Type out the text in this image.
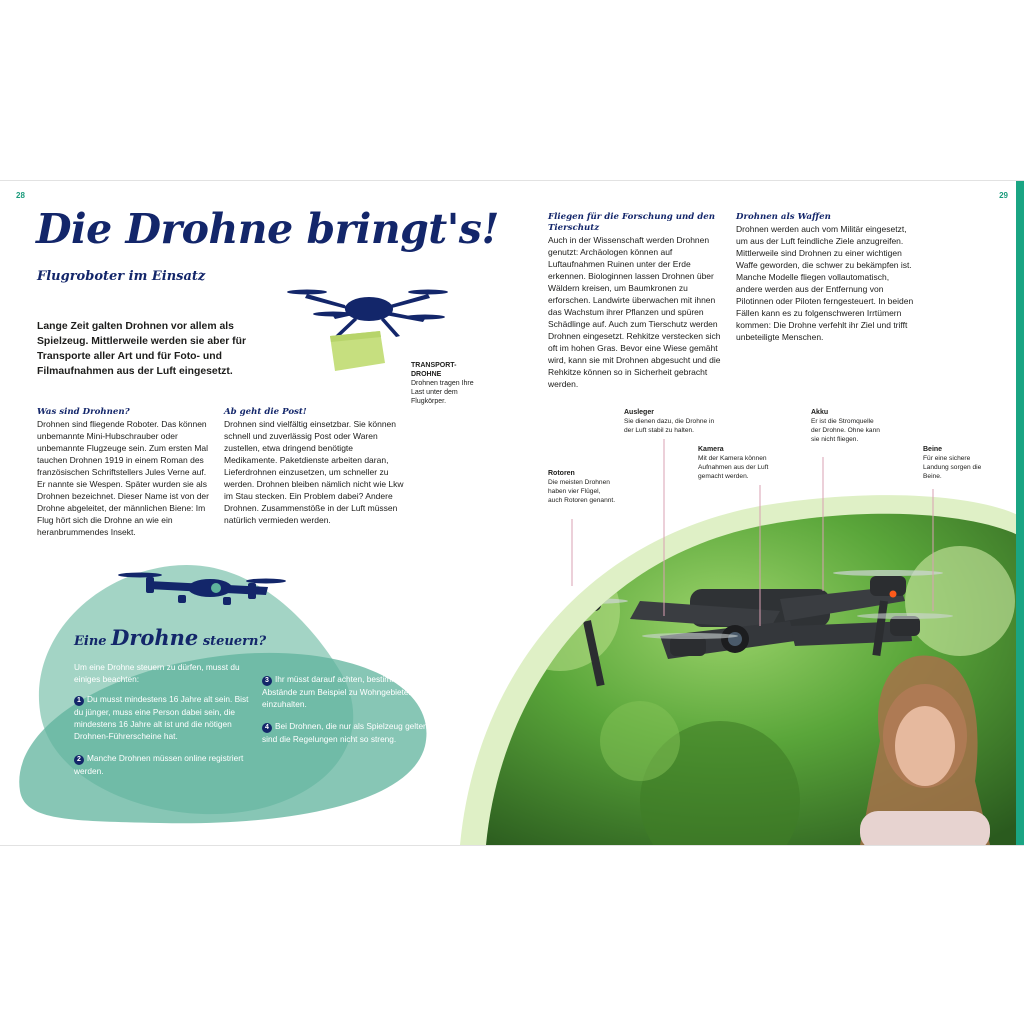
28	29
Die Drohne bringt's!
Flugroboter im Einsatz

Lange Zeit galten Drohnen vor allem als Spielzeug. Mittlerweile werden sie aber für Transporte aller Art und für Foto- und Filmaufnahmen aus der Luft eingesetzt.

TRANSPORT-DROHNE
Drohnen tragen Ihre Last unter dem Flugkörper.
Was sind Drohnen?

Drohnen sind fliegende Roboter. Das können unbemannte Mini-Hubschrauber oder unbemannte Flugzeuge sein. Zum ersten Mal tauchen Drohnen 1919 in einem Roman des französischen Schriftstellers Jules Verne auf. Er nannte sie Wespen. Später wurden sie als Drohnen bezeichnet. Dieser Name ist von der Drohne abgeleitet, der männlichen Biene: Im Flug hört sich die Drohne an wie ein heranbrummendes Insekt.

Ab geht die Post!

Drohnen sind vielfältig einsetzbar. Sie können schnell und zuverlässig Post oder Waren zustellen, etwa dringend benötigte Medikamente. Paketdienste arbeiten daran, Lieferdrohnen einzusetzen, um schneller zu werden. Drohnen bleiben nämlich nicht wie Lkw im Stau stecken. Ein Problem dabei? Andere Drohnen. Zusammenstöße in der Luft müssen natürlich vermieden werden.

Fliegen für die Forschung und den Tierschutz

Auch in der Wissenschaft werden Drohnen genutzt: Archäologen können auf Luftaufnahmen Ruinen unter der Erde erkennen. Biologinnen lassen Drohnen über Wäldern kreisen, um Baumkronen zu erforschen. Landwirte überwachen mit ihnen das Wachstum ihrer Pflanzen und spüren Schädlinge auf. Auch zum Tierschutz werden Drohnen eingesetzt. Rehkitze verstecken sich oft im hohen Gras. Bevor eine Wiese gemäht wird, kann sie mit Drohnen abgesucht und die Rehkitze können so in Sicherheit gebracht werden.

Drohnen als Waffen

Drohnen werden auch vom Militär eingesetzt, um aus der Luft feindliche Ziele anzugreifen. Mittlerweile sind Drohnen zu einer wichtigen Waffe geworden, die schwer zu bekämpfen ist. Manche Modelle fliegen vollautomatisch, andere werden aus der Entfernung von Pilotinnen oder Piloten ferngesteuert. In beiden Fällen kann es zu folgenschweren Irrtümern kommen: Die Drohne verfehlt ihr Ziel und trifft unbeteiligte Menschen.

Eine Drohne steuern?

Um eine Drohne steuern zu dürfen, musst du einiges beachten:

1 Du musst mindestens 16 Jahre alt sein. Bist du jünger, muss eine Person dabei sein, die mindestens 16 Jahre alt ist und die nötigen Drohnen-Führerscheine hat.

2 Manche Drohnen müssen online registriert werden.

3 Ihr müsst darauf achten, bestimmte Abstände zum Beispiel zu Wohngebieten einzuhalten.

4 Bei Drohnen, die nur als Spielzeug gelten, sind die Regelungen nicht so streng.

Rotoren
Die meisten Drohnen haben vier Flügel, auch Rotoren genannt.
Ausleger
Sie dienen dazu, die Drohne in der Luft stabil zu halten.
Kamera
Mit der Kamera können Aufnahmen aus der Luft gemacht werden.
Akku
Er ist die Stromquelle der Drohne. Ohne kann sie nicht fliegen.
Beine
Für eine sichere Landung sorgen die Beine.
